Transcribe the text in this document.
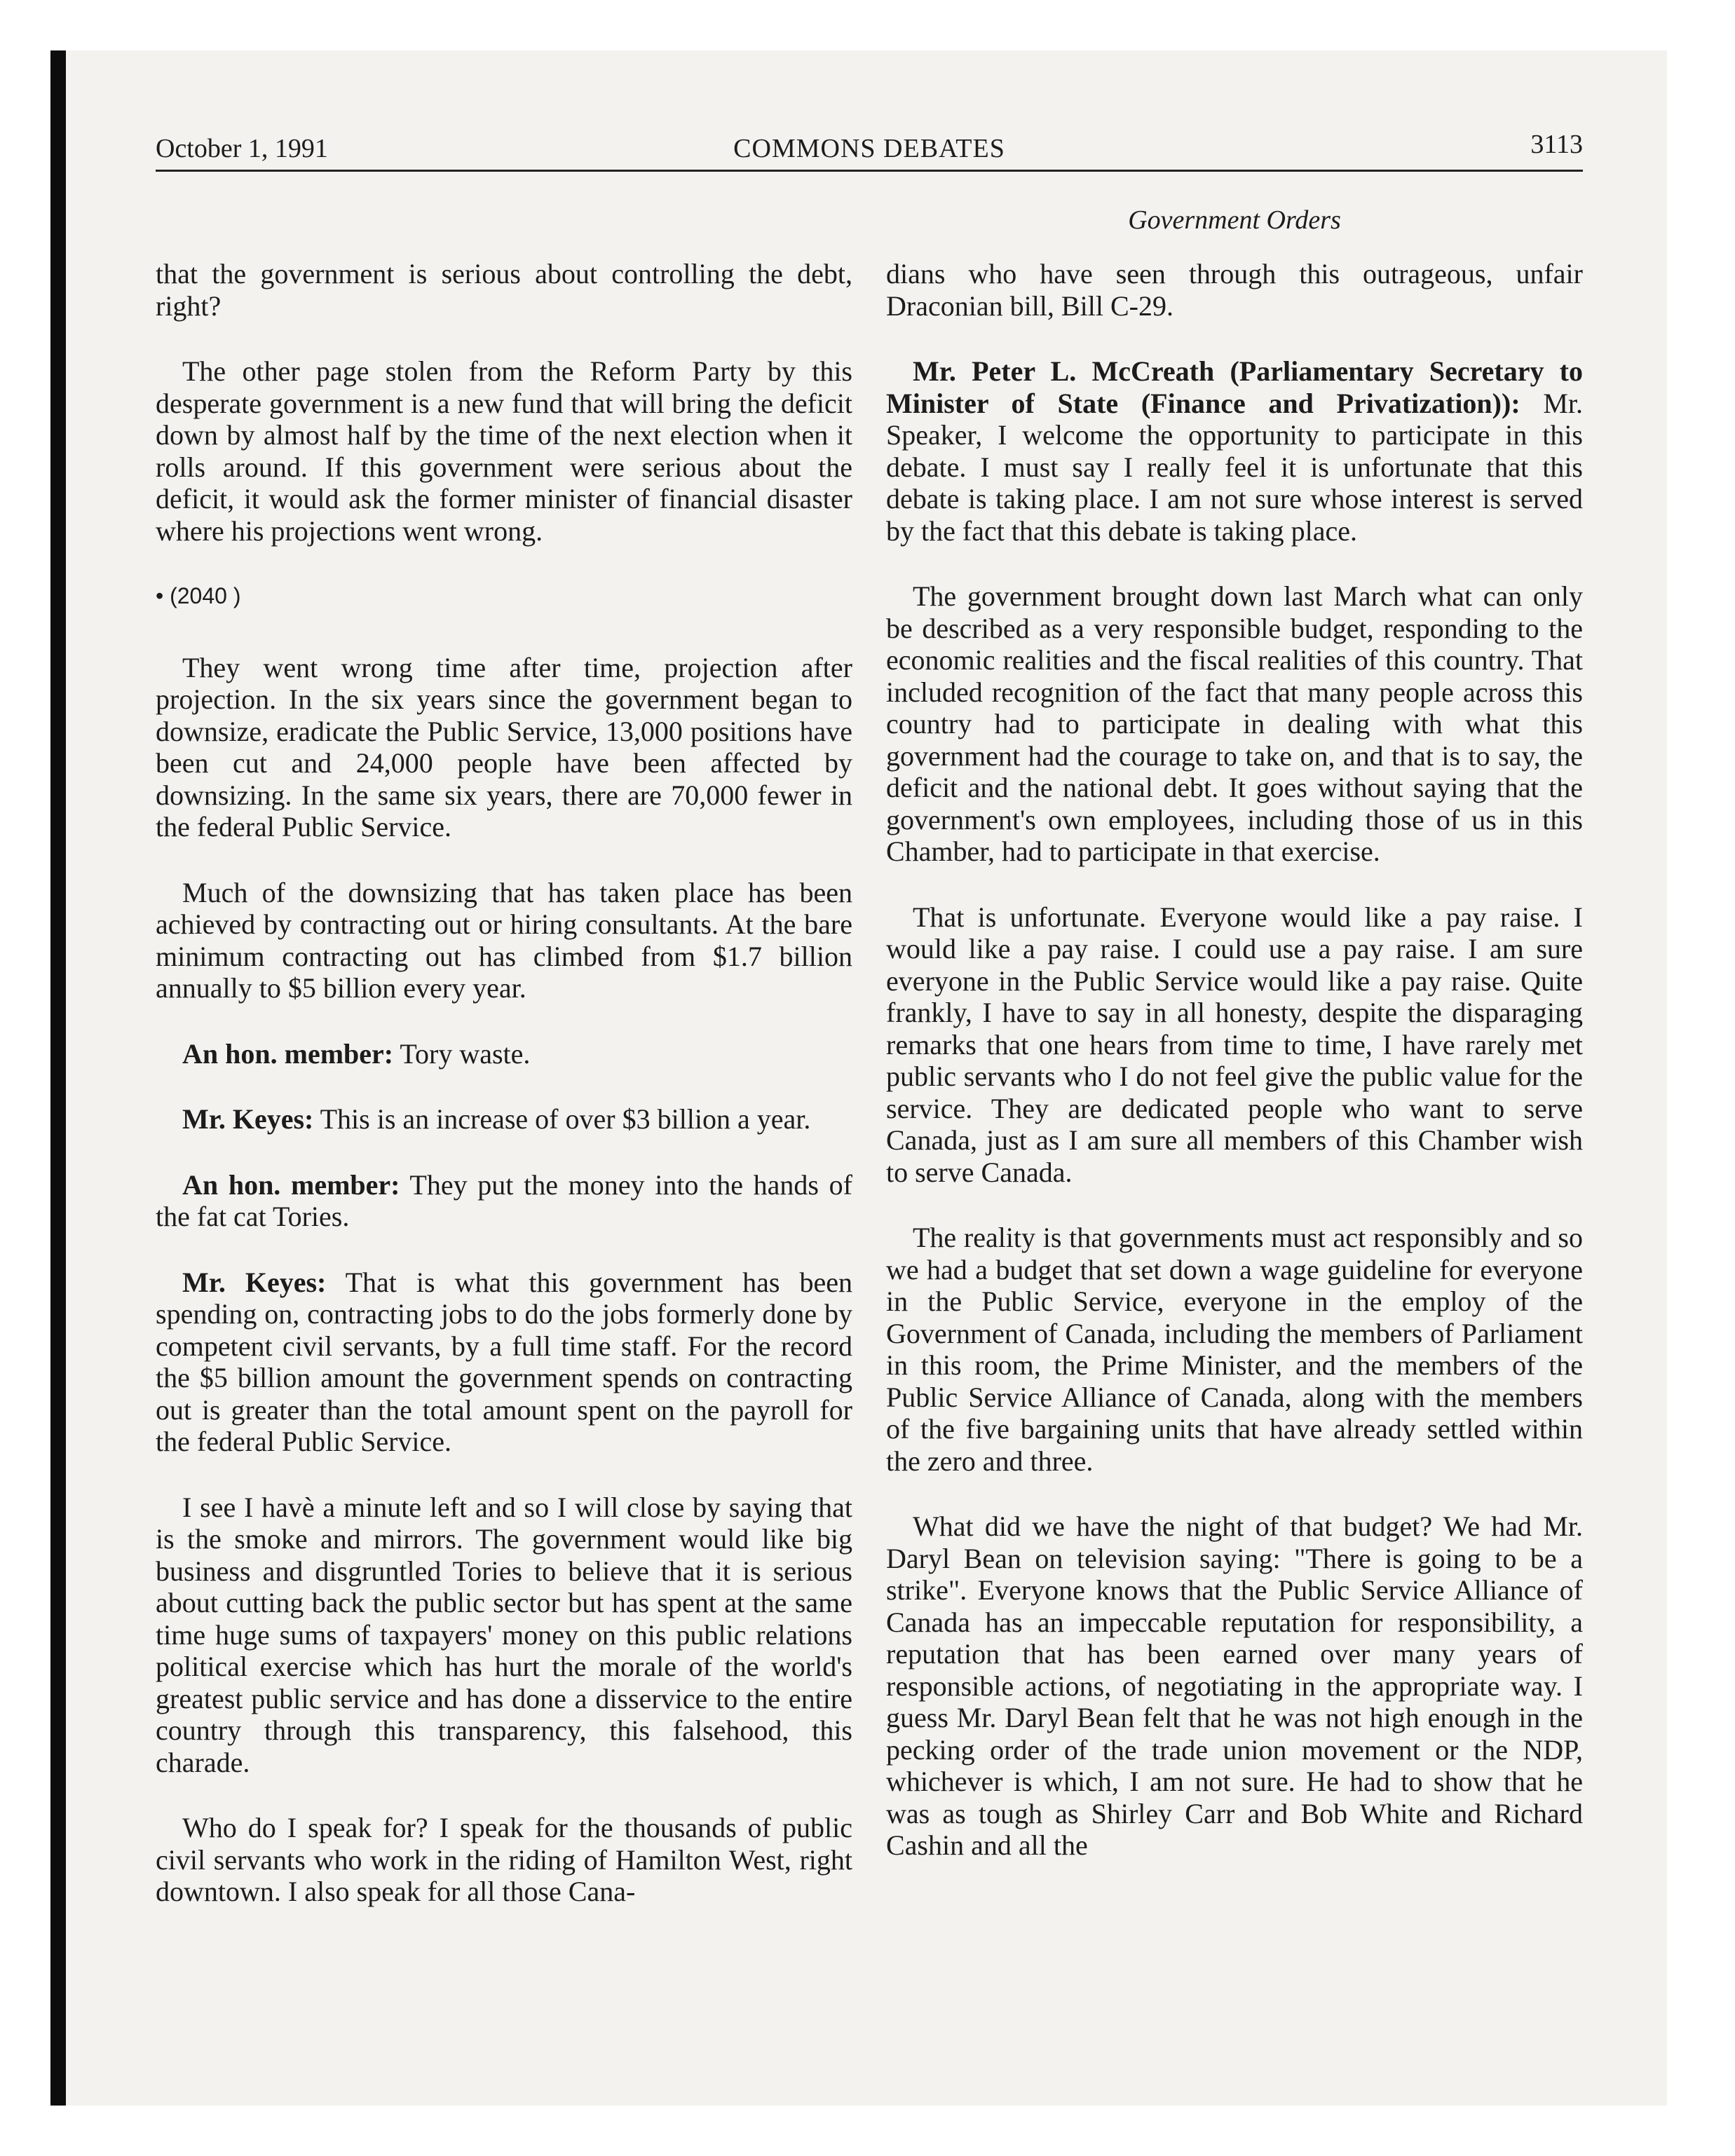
October 1, 1991	COMMONS DEBATES	3113
Government Orders

that the government is serious about controlling the debt, right?

The other page stolen from the Reform Party by this desperate government is a new fund that will bring the deficit down by almost half by the time of the next election when it rolls around. If this government were serious about the deficit, it would ask the former minister of financial disaster where his projections went wrong.

• (2040 )

They went wrong time after time, projection after projection. In the six years since the government began to downsize, eradicate the Public Service, 13,000 positions have been cut and 24,000 people have been affected by downsizing. In the same six years, there are 70,000 fewer in the federal Public Service.

Much of the downsizing that has taken place has been achieved by contracting out or hiring consultants. At the bare minimum contracting out has climbed from $1.7 billion annually to $5 billion every year.

An hon. member: Tory waste.

Mr. Keyes: This is an increase of over $3 billion a year.

An hon. member: They put the money into the hands of the fat cat Tories.

Mr. Keyes: That is what this government has been spending on, contracting jobs to do the jobs formerly done by competent civil servants, by a full time staff. For the record the $5 billion amount the government spends on contracting out is greater than the total amount spent on the payroll for the federal Public Service.

I see I havè a minute left and so I will close by saying that is the smoke and mirrors. The government would like big business and disgruntled Tories to believe that it is serious about cutting back the public sector but has spent at the same time huge sums of taxpayers' money on this public relations political exercise which has hurt the morale of the world's greatest public service and has done a disservice to the entire country through this transparency, this falsehood, this charade.

Who do I speak for? I speak for the thousands of public civil servants who work in the riding of Hamilton West, right downtown. I also speak for all those Cana-

dians who have seen through this outrageous, unfair Draconian bill, Bill C-29.

Mr. Peter L. McCreath (Parliamentary Secretary to Minister of State (Finance and Privatization)): Mr. Speaker, I welcome the opportunity to participate in this debate. I must say I really feel it is unfortunate that this debate is taking place. I am not sure whose interest is served by the fact that this debate is taking place.

The government brought down last March what can only be described as a very responsible budget, responding to the economic realities and the fiscal realities of this country. That included recognition of the fact that many people across this country had to participate in dealing with what this government had the courage to take on, and that is to say, the deficit and the national debt. It goes without saying that the government's own employees, including those of us in this Chamber, had to participate in that exercise.

That is unfortunate. Everyone would like a pay raise. I would like a pay raise. I could use a pay raise. I am sure everyone in the Public Service would like a pay raise. Quite frankly, I have to say in all honesty, despite the disparaging remarks that one hears from time to time, I have rarely met public servants who I do not feel give the public value for the service. They are dedicated people who want to serve Canada, just as I am sure all members of this Chamber wish to serve Canada.

The reality is that governments must act responsibly and so we had a budget that set down a wage guideline for everyone in the Public Service, everyone in the employ of the Government of Canada, including the members of Parliament in this room, the Prime Minister, and the members of the Public Service Alliance of Canada, along with the members of the five bargaining units that have already settled within the zero and three.

What did we have the night of that budget? We had Mr. Daryl Bean on television saying: "There is going to be a strike". Everyone knows that the Public Service Alliance of Canada has an impeccable reputation for responsibility, a reputation that has been earned over many years of responsible actions, of negotiating in the appropriate way. I guess Mr. Daryl Bean felt that he was not high enough in the pecking order of the trade union movement or the NDP, whichever is which, I am not sure. He had to show that he was as tough as Shirley Carr and Bob White and Richard Cashin and all the
